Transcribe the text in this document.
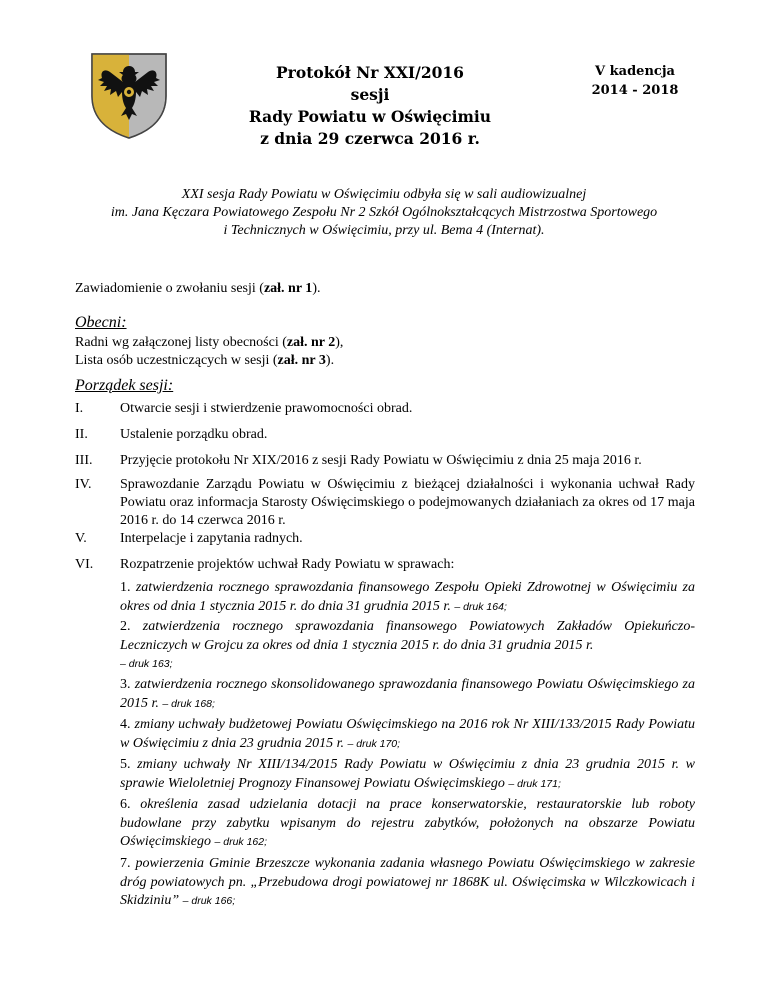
Protokół Nr XXI/2016
sesji
Rady Powiatu w Oświęcimiu
z dnia 29 czerwca 2016 r.
V kadencja
2014 - 2018
XXI sesja Rady Powiatu w Oświęcimiu odbyła się w sali audiowizualnej
im. Jana Kęczara Powiatowego Zespołu Nr 2 Szkół Ogólnokształcących Mistrzostwa Sportowego
i Technicznych w Oświęcimiu, przy ul. Bema 4 (Internat).
Zawiadomienie o zwołaniu sesji (zał. nr 1).
Obecni:
Radni wg załączonej listy obecności (zał. nr 2),
Lista osób uczestniczących w sesji (zał. nr 3).
Porządek sesji:
I.	Otwarcie sesji i stwierdzenie prawomocności obrad.
II. Ustalenie porządku obrad.
III. Przyjęcie protokołu Nr XIX/2016 z sesji Rady Powiatu w Oświęcimiu z dnia 25 maja 2016 r.
IV. Sprawozdanie Zarządu Powiatu w Oświęcimiu z bieżącej działalności i wykonania uchwał Rady Powiatu oraz informacja Starosty Oświęcimskiego o podejmowanych działaniach za okres od 17 maja 2016 r. do 14 czerwca 2016 r.
V. Interpelacje i zapytania radnych.
VI. Rozpatrzenie projektów uchwał Rady Powiatu w sprawach:
1. zatwierdzenia rocznego sprawozdania finansowego Zespołu Opieki Zdrowotnej w Oświęcimiu za okres od dnia 1 stycznia 2015 r. do dnia 31 grudnia 2015 r. – druk 164;
2. zatwierdzenia rocznego sprawozdania finansowego Powiatowych Zakładów Opiekuńczo-Leczniczych w Grojcu za okres od dnia 1 stycznia 2015 r. do dnia 31 grudnia 2015 r.
– druk 163;
3. zatwierdzenia rocznego skonsolidowanego sprawozdania finansowego Powiatu Oświęcimskiego za 2015 r. – druk 168;
4. zmiany uchwały budżetowej Powiatu Oświęcimskiego na 2016 rok Nr XIII/133/2015 Rady Powiatu w Oświęcimiu z dnia 23 grudnia 2015 r. – druk 170;
5. zmiany uchwały Nr XIII/134/2015 Rady Powiatu w Oświęcimiu z dnia 23 grudnia 2015 r. w sprawie Wieloletniej Prognozy Finansowej Powiatu Oświęcimskiego – druk 171;
6. określenia zasad udzielania dotacji na prace konserwatorskie, restauratorskie lub roboty budowlane przy zabytku wpisanym do rejestru zabytków, położonych na obszarze Powiatu Oświęcimskiego – druk 162;
7. powierzenia Gminie Brzeszcze wykonania zadania własnego Powiatu Oświęcimskiego w zakresie dróg powiatowych pn. „Przebudowa drogi powiatowej nr 1868K ul. Oświęcimska w Wilczkowicach i Skidziniu” – druk 166;
